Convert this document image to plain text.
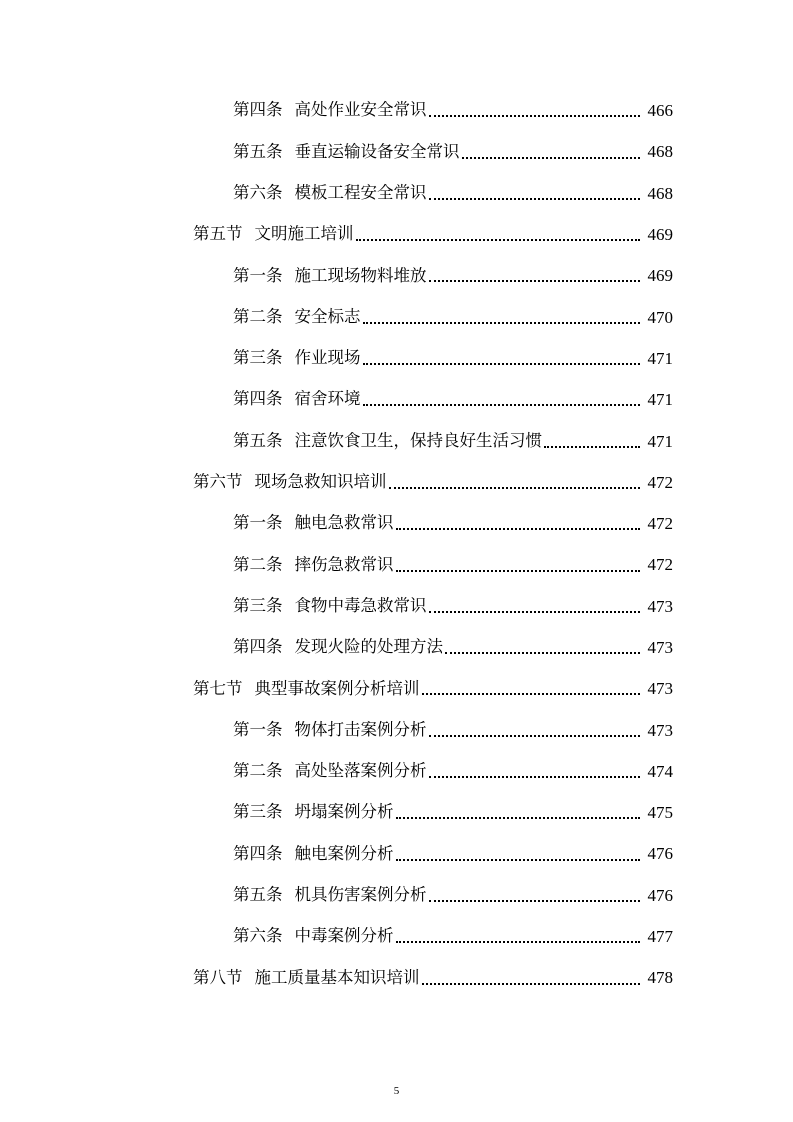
第四条 高处作业安全常识	466
第五条 垂直运输设备安全常识	468
第六条 模板工程安全常识	468
第五节 文明施工培训	469
第一条 施工现场物料堆放	469
第二条 安全标志	470
第三条 作业现场	471
第四条 宿舍环境	471
第五条 注意饮食卫生，保持良好生活习惯	471
第六节 现场急救知识培训	472
第一条 触电急救常识	472
第二条 摔伤急救常识	472
第三条 食物中毒急救常识	473
第四条 发现火险的处理方法	473
第七节 典型事故案例分析培训	473
第一条 物体打击案例分析	473
第二条 高处坠落案例分析	474
第三条 坍塌案例分析	475
第四条 触电案例分析	476
第五条 机具伤害案例分析	476
第六条 中毒案例分析	477
第八节 施工质量基本知识培训	478
5
